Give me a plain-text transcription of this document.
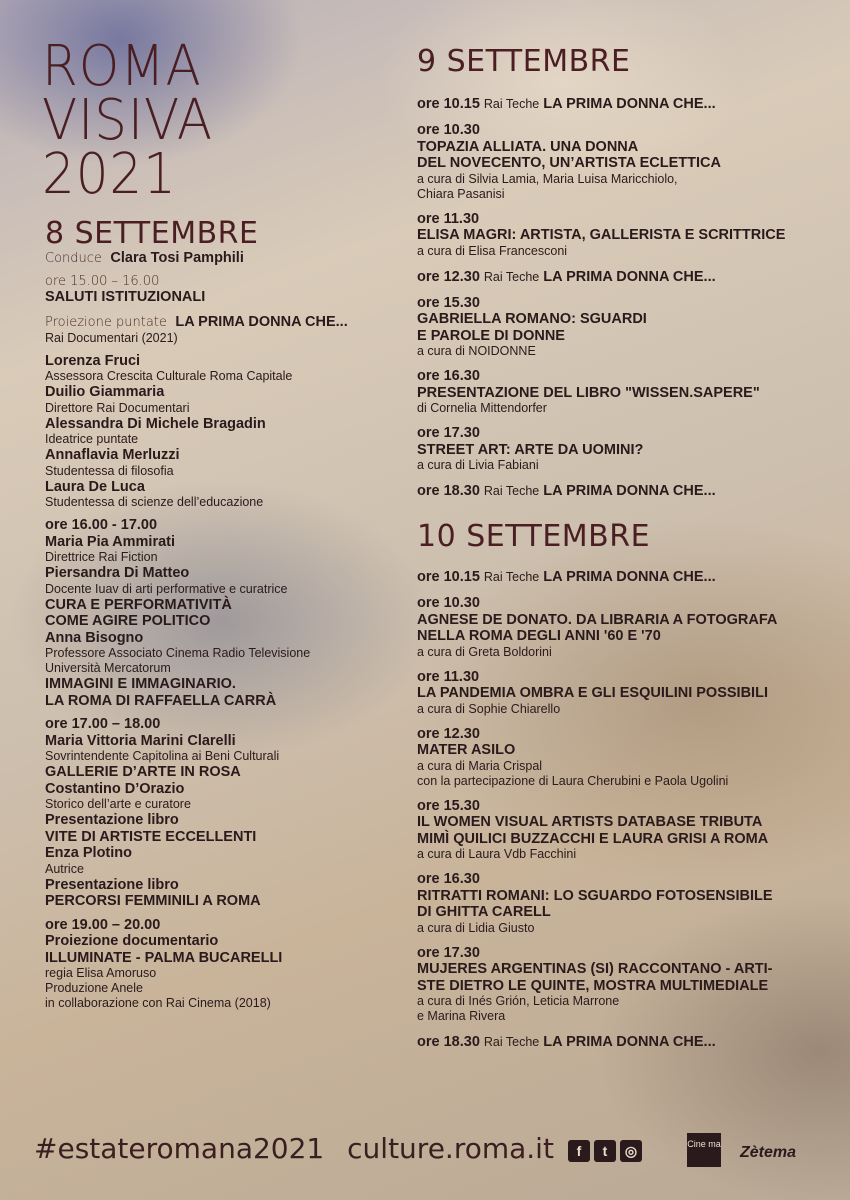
ROMA
VISIVA
2021
8 SETTEMBRE
Conduce Clara Tosi Pamphili
ore 15.00 – 16.00
SALUTI ISTITUZIONALI
Proiezione puntate LA PRIMA DONNA CHE...
Rai Documentari (2021)
Lorenza Fruci
Assessora Crescita Culturale Roma Capitale
Duilio Giammaria
Direttore Rai Documentari
Alessandra Di Michele Bragadin
Ideatrice puntate
Annaflavia Merluzzi
Studentessa di filosofia
Laura De Luca
Studentessa di scienze dell’educazione
ore 16.00 - 17.00
Maria Pia Ammirati
Direttrice Rai Fiction
Piersandra Di Matteo
Docente Iuav di arti performative e curatrice
CURA E PERFORMATIVITÀ
COME AGIRE POLITICO
Anna Bisogno
Professore Associato Cinema Radio Televisione
Università Mercatorum
IMMAGINI E IMMAGINARIO.
LA ROMA DI RAFFAELLA CARRÀ
ore 17.00 – 18.00
Maria Vittoria Marini Clarelli
Sovrintendente Capitolina ai Beni Culturali
GALLERIE D’ARTE IN ROSA
Costantino D’Orazio
Storico dell’arte e curatore
Presentazione libro
VITE DI ARTISTE ECCELLENTI
Enza Plotino
Autrice
Presentazione libro
PERCORSI FEMMINILI A ROMA
ore 19.00 – 20.00
Proiezione documentario
ILLUMINATE - PALMA BUCARELLI
regia Elisa Amoruso
Produzione Anele
in collaborazione con Rai Cinema (2018)
9 SETTEMBRE
ore 10.15 Rai Teche LA PRIMA DONNA CHE...
ore 10.30
TOPAZIA ALLIATA. UNA DONNA
DEL NOVECENTO, UN’ARTISTA ECLETTICA
a cura di Silvia Lamia, Maria Luisa Maricchiolo,
Chiara Pasanisi
ore 11.30
ELISA MAGRI: ARTISTA, GALLERISTA E SCRITTRICE
a cura di Elisa Francesconi
ore 12.30 Rai Teche LA PRIMA DONNA CHE...
ore 15.30
GABRIELLA ROMANO: SGUARDI
E PAROLE DI DONNE
a cura di NOIDONNE
ore 16.30
PRESENTAZIONE DEL LIBRO "WISSEN.SAPERE"
di Cornelia Mittendorfer
ore 17.30
STREET ART: ARTE DA UOMINI?
a cura di Livia Fabiani
ore 18.30 Rai Teche LA PRIMA DONNA CHE...
10 SETTEMBRE
ore 10.15 Rai Teche LA PRIMA DONNA CHE...
ore 10.30
AGNESE DE DONATO. DA LIBRARIA A FOTOGRAFA
NELLA ROMA DEGLI ANNI '60 E '70
a cura di Greta Boldorini
ore 11.30
LA PANDEMIA OMBRA E GLI ESQUILINI POSSIBILI
a cura di Sophie Chiarello
ore 12.30
MATER ASILO
a cura di Maria Crispal
con la partecipazione di Laura Cherubini e Paola Ugolini
ore 15.30
IL WOMEN VISUAL ARTISTS DATABASE TRIBUTA
MIMÌ QUILICI BUZZACCHI E LAURA GRISI A ROMA
a cura di Laura Vdb Facchini
ore 16.30
RITRATTI ROMANI: LO SGUARDO FOTOSENSIBILE
DI GHITTA CARELL
a cura di Lidia Giusto
ore 17.30
MUJERES ARGENTINAS (SI) RACCONTANO - ARTI-
STE DIETRO LE QUINTE, MOSTRA MULTIMEDIALE
a cura di Inés Grión, Leticia Marrone
e Marina Rivera
ore 18.30 Rai Teche LA PRIMA DONNA CHE...
#estateromana2021 culture.roma.it	f	t	◎	Cine ma Zètema
